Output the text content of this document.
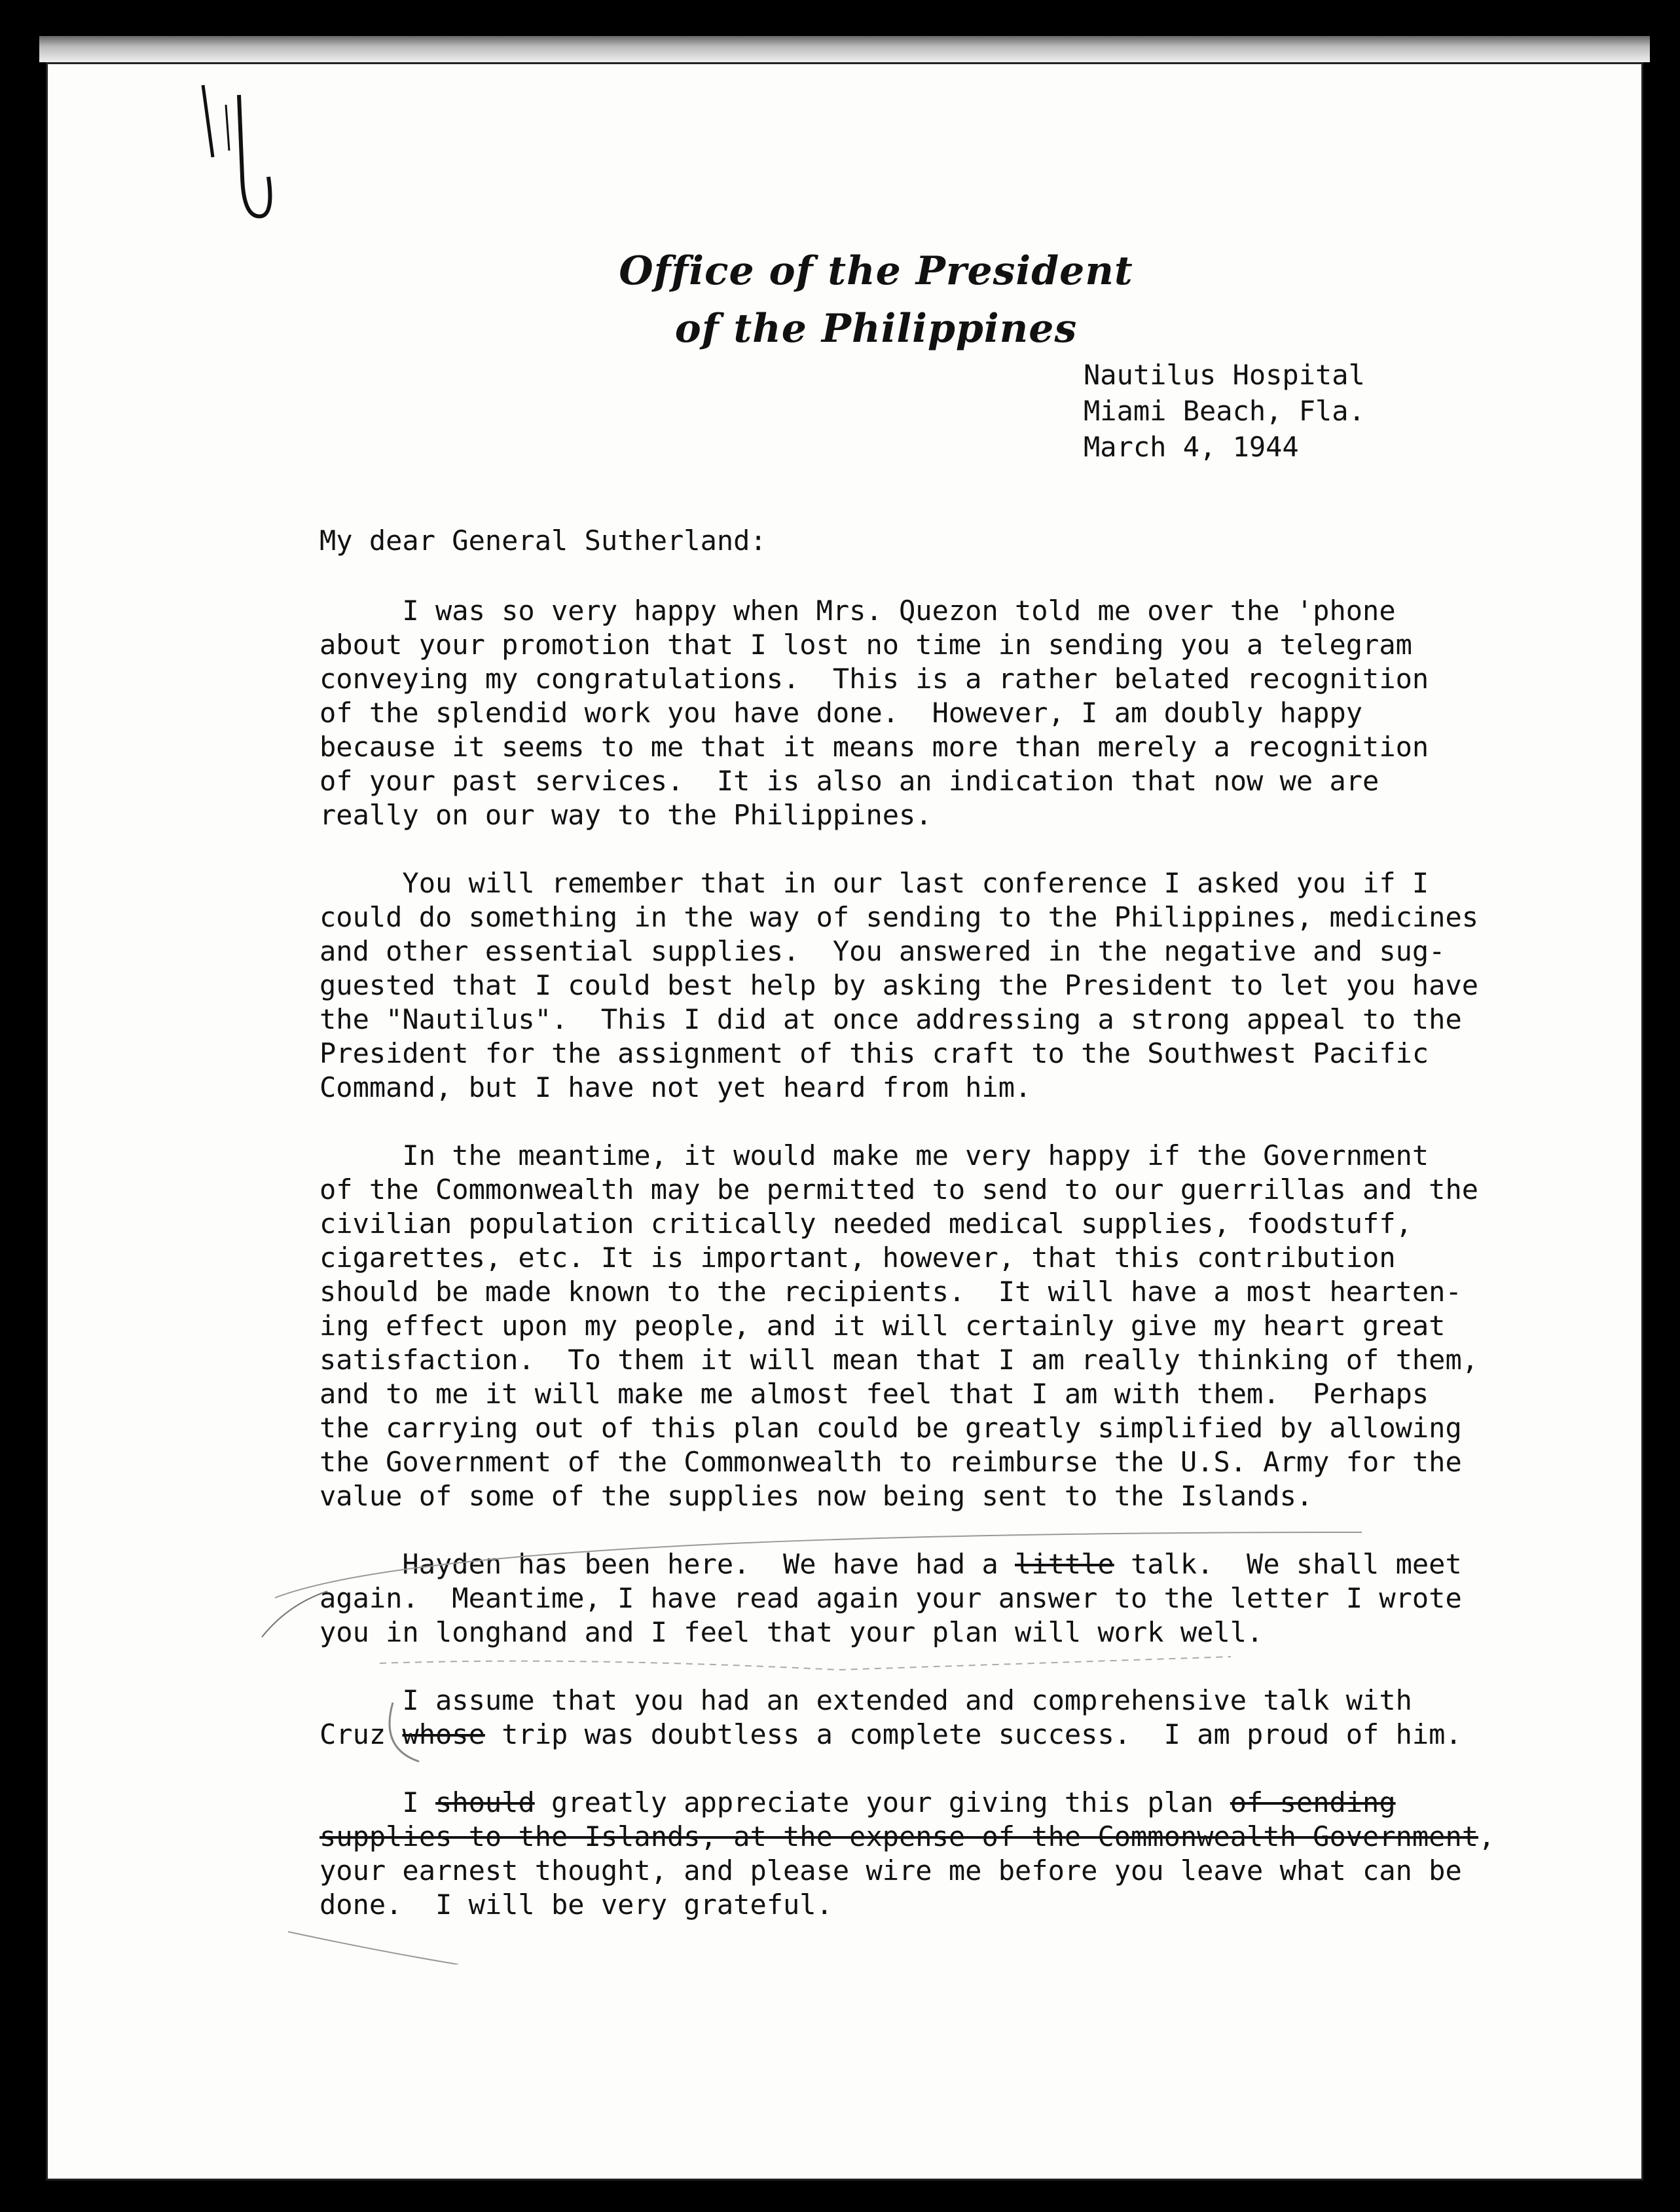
Office of the President
of the Philippines
Nautilus Hospital
Miami Beach, Fla.
March 4, 1944
My dear General Sutherland:
I was so very happy when Mrs. Quezon told me over the 'phone
about your promotion that I lost no time in sending you a telegram
conveying my congratulations.  This is a rather belated recognition
of the splendid work you have done.  However, I am doubly happy
because it seems to me that it means more than merely a recognition
of your past services.  It is also an indication that now we are
really on our way to the Philippines.
You will remember that in our last conference I asked you if I
could do something in the way of sending to the Philippines, medicines
and other essential supplies.  You answered in the negative and sug-
guested that I could best help by asking the President to let you have
the "Nautilus".  This I did at once addressing a strong appeal to the
President for the assignment of this craft to the Southwest Pacific
Command, but I have not yet heard from him.
In the meantime, it would make me very happy if the Government
of the Commonwealth may be permitted to send to our guerrillas and the
civilian population critically needed medical supplies, foodstuff,
cigarettes, etc. It is important, however, that this contribution
should be made known to the recipients.  It will have a most hearten-
ing effect upon my people, and it will certainly give my heart great
satisfaction.  To them it will mean that I am really thinking of them,
and to me it will make me almost feel that I am with them.  Perhaps
the carrying out of this plan could be greatly simplified by allowing
the Government of the Commonwealth to reimburse the U.S. Army for the
value of some of the supplies now being sent to the Islands.
Hayden has been here.  We have had a little talk.  We shall meet
again.  Meantime, I have read again your answer to the letter I wrote
you in longhand and I feel that your plan will work well.
I assume that you had an extended and comprehensive talk with
Cruz whose trip was doubtless a complete success.  I am proud of him.
I should greatly appreciate your giving this plan of sending
supplies to the Islands, at the expense of the Commonwealth Government,
your earnest thought, and please wire me before you leave what can be
done.  I will be very grateful.
